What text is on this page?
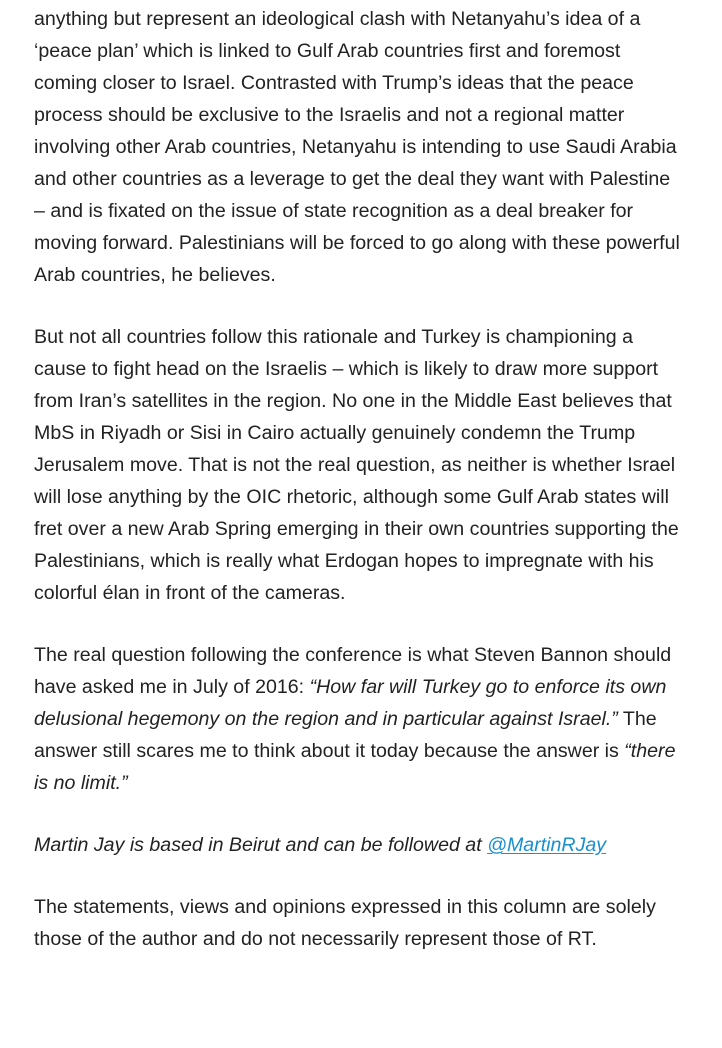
anything but represent an ideological clash with Netanyahu’s idea of a ‘peace plan’ which is linked to Gulf Arab countries first and foremost coming closer to Israel. Contrasted with Trump’s ideas that the peace process should be exclusive to the Israelis and not a regional matter involving other Arab countries, Netanyahu is intending to use Saudi Arabia and other countries as a leverage to get the deal they want with Palestine – and is fixated on the issue of state recognition as a deal breaker for moving forward. Palestinians will be forced to go along with these powerful Arab countries, he believes.

But not all countries follow this rationale and Turkey is championing a cause to fight head on the Israelis – which is likely to draw more support from Iran’s satellites in the region. No one in the Middle East believes that MbS in Riyadh or Sisi in Cairo actually genuinely condemn the Trump Jerusalem move. That is not the real question, as neither is whether Israel will lose anything by the OIC rhetoric, although some Gulf Arab states will fret over a new Arab Spring emerging in their own countries supporting the Palestinians, which is really what Erdogan hopes to impregnate with his colorful élan in front of the cameras.

The real question following the conference is what Steven Bannon should have asked me in July of 2016: “How far will Turkey go to enforce its own delusional hegemony on the region and in particular against Israel.” The answer still scares me to think about it today because the answer is “there is no limit.”

Martin Jay is based in Beirut and can be followed at @MartinRJay

The statements, views and opinions expressed in this column are solely those of the author and do not necessarily represent those of RT.
